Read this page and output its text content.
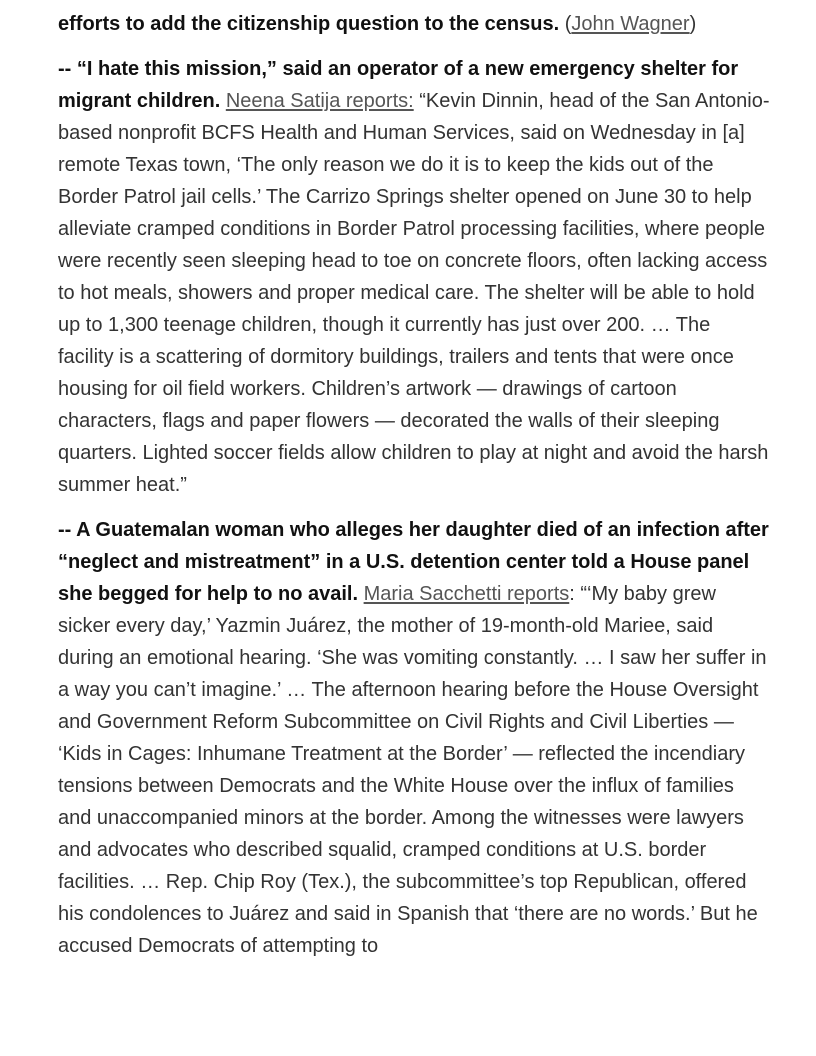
efforts to add the citizenship question to the census. (John Wagner)

-- “I hate this mission,” said an operator of a new emergency shelter for migrant children. Neena Satija reports: “Kevin Dinnin, head of the San Antonio-based nonprofit BCFS Health and Human Services, said on Wednesday in [a] remote Texas town, ‘The only reason we do it is to keep the kids out of the Border Patrol jail cells.’ The Carrizo Springs shelter opened on June 30 to help alleviate cramped conditions in Border Patrol processing facilities, where people were recently seen sleeping head to toe on concrete floors, often lacking access to hot meals, showers and proper medical care. The shelter will be able to hold up to 1,300 teenage children, though it currently has just over 200. … The facility is a scattering of dormitory buildings, trailers and tents that were once housing for oil field workers. Children’s artwork — drawings of cartoon characters, flags and paper flowers — decorated the walls of their sleeping quarters. Lighted soccer fields allow children to play at night and avoid the harsh summer heat.”

-- A Guatemalan woman who alleges her daughter died of an infection after “neglect and mistreatment” in a U.S. detention center told a House panel she begged for help to no avail. Maria Sacchetti reports: “‘My baby grew sicker every day,’ Yazmin Juárez, the mother of 19-month-old Mariee, said during an emotional hearing. ‘She was vomiting constantly. … I saw her suffer in a way you can’t imagine.’ … The afternoon hearing before the House Oversight and Government Reform Subcommittee on Civil Rights and Civil Liberties — ‘Kids in Cages: Inhumane Treatment at the Border’ — reflected the incendiary tensions between Democrats and the White House over the influx of families and unaccompanied minors at the border. Among the witnesses were lawyers and advocates who described squalid, cramped conditions at U.S. border facilities. … Rep. Chip Roy (Tex.), the subcommittee’s top Republican, offered his condolences to Juárez and said in Spanish that ‘there are no words.’ But he accused Democrats of attempting to
